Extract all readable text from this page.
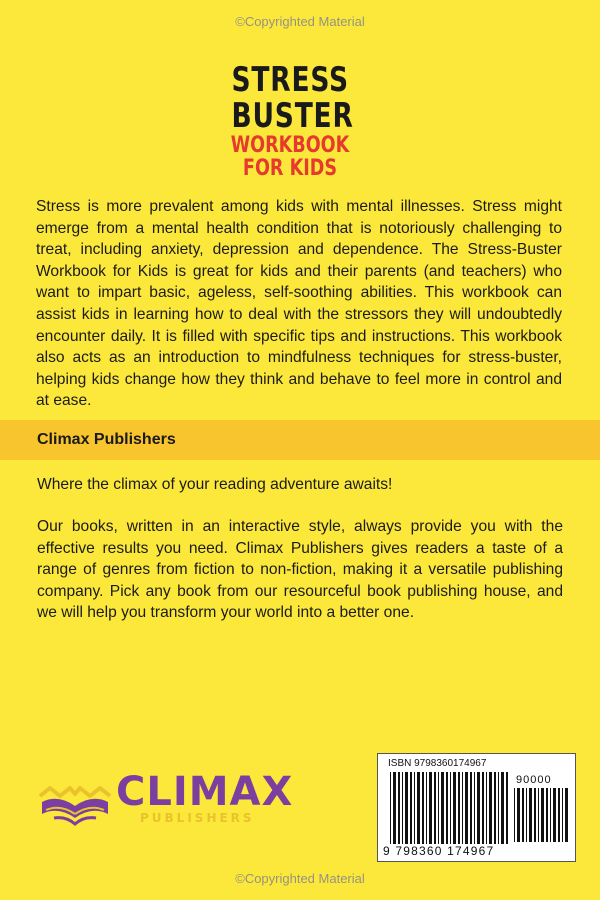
© Copyrighted Material
STRESS
BUSTER
WORKBOOK
FOR KIDS

Stress is more prevalent among kids with mental illnesses. Stress might emerge from a mental health condition that is notoriously challenging to treat, including anxiety, depression and dependence. The Stress-Buster Workbook for Kids is great for kids and their parents (and teachers) who want to impart basic, ageless, self-soothing abilities. This workbook can assist kids in learning how to deal with the stressors they will undoubtedly encounter daily. It is filled with specific tips and instructions. This workbook also acts as an introduction to mindfulness techniques for stress-buster, helping kids change how they think and behave to feel more in control and at ease.

Climax Publishers

Where the climax of your reading adventure awaits!

Our books, written in an interactive style, always provide you with the effective results you need. Climax Publishers gives readers a taste of a range of genres from fiction to non-fiction, making it a versatile publishing company. Pick any book from our resourceful book publishing house, and we will help you transform your world into a better one.

CLIMAX
PUBLISHERS
ISBN 9798360174967
90000
9 798360 174967
© Copyrighted Material
